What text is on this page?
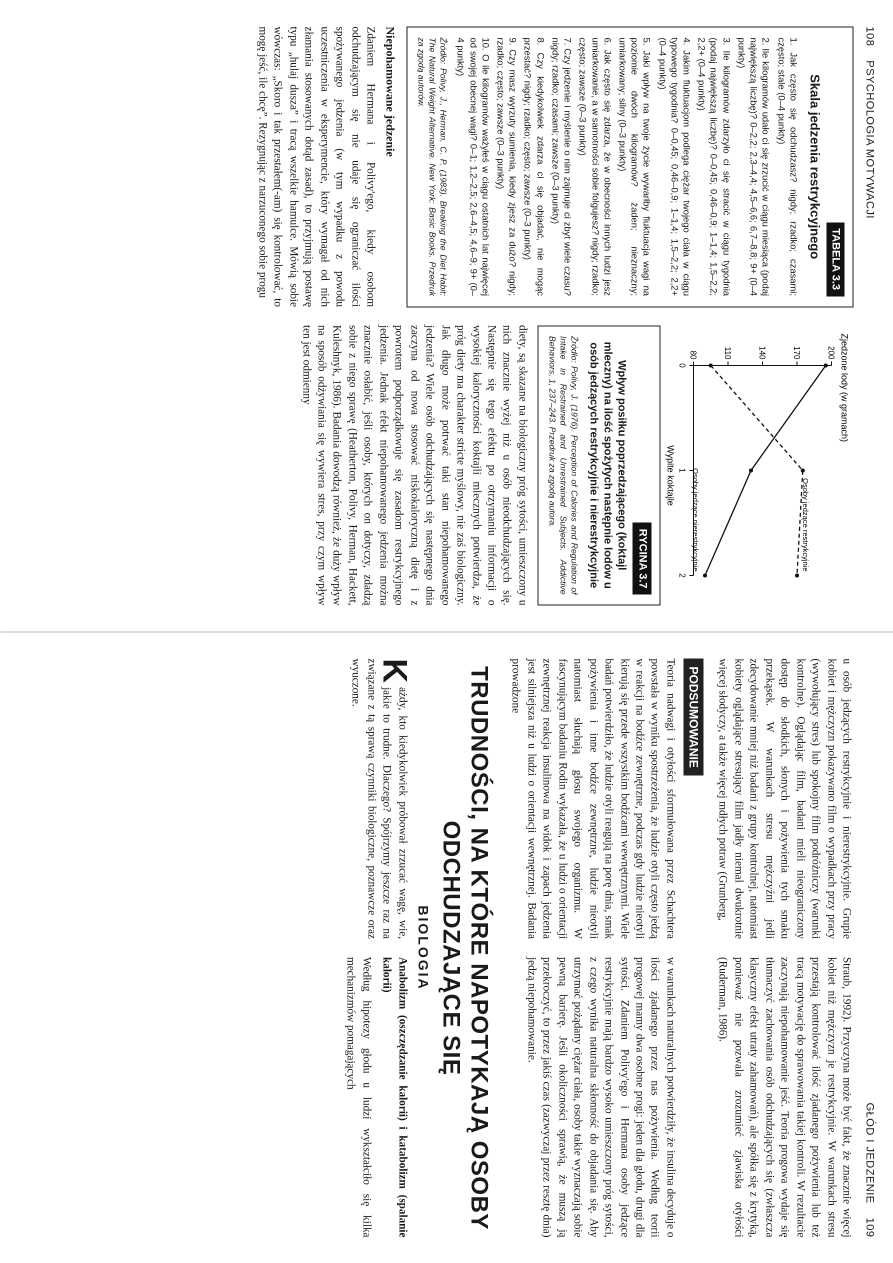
108
PSYCHOLOGIA MOTYWACJI
TABELA 3.3
Skala jedzenia restrykcyjnego
1. Jak często się odchudzasz? nigdy; rzadko; czasami; często; stale (0–4 punkty)
2. Ile kilogramów udało ci się zrzucić w ciągu miesiąca (podaj największą liczbę)? 0–2,2; 2,3–4,4; 4,5–6,6; 6,7–8,8; 9+ (0–4 punkty)
3. Ile kilogramów zdarzyło ci się stracić w ciągu tygodnia (podaj największą liczbę)? 0–0,45; 0,46–0,9; 1–1,4; 1,5–2,2; 2,2+ (0–4 punkty)
4. Jakim fluktuacjom podlega ciężar twojego ciała w ciągu typowego tygodnia? 0–0,45; 0,46–0,9; 1–1,4; 1,5–2,2; 2,2+ (0–4 punkty)
5. Jaki wpływ na twoje życie wywarłby fluktuacja wagi na poziomie dwóch kilogramów? żaden; nieznaczny; umiarkowany; silny (0–3 punkty)
6. Jak często się zdarza, że w obecności innych ludzi jesz umiarkowanie, a w samotności sobie folgujesz? nigdy; rzadko; często; zawsze (0–3 punkty)
7. Czy jedzenie i myślenie o nim zajmuje ci zbyt wiele czasu? nigdy; rzadko; czasami; zawsze (0–3 punkty)
8. Czy kiedykolwiek zdarza ci się objadać, nie mogąc przestać? nigdy; rzadko; często; zawsze (0–3 punkty)
9. Czy masz wyrzuty sumienia, kiedy zjesz za dużo? nigdy; rzadko; często; zawsze (0–3 punkty)
10. O ile kilogramów ważyłeś w ciągu ostatnich lat najwięcej od swojej obecnej wagi? 0–1; 1,2–2,5; 2,6–4,5; 4,6–9; 9+ (0–4 punkty)
Źródło: Polivy, J., Herman, C. P. (1983). Breaking the Diet Habit: The Natural Weight Alternative. New York: Basic Books. Przedruk za zgodą autorów.
Niepohamowane jedzenie

Zdaniem Hermana i Polivy'ego, kiedy osobom odchudzającym się nie udaje się ograniczać ilości spożywanego jedzenia (w tym wypadku z powodu uczestniczenia w eksperymencie, który wymagał od nich złamania stosowanych dotąd zasad), to przyjmują postawę typu „hulaj dusza” i tracą wszelkie hamulce. Mówią sobie wówczas: „Skoro i tak przestałem(-am) się kontrolować, to mogę jeść, ile chcę”. Rezygnując z narzuconego sobie progu

Zjedzone lody (w gramach)
Wypite koktajle
80	110	140	170	200
0
1
2
Osoby jedzące nierestrykcyjnie	Osoby jedzące restrykcyjnie
RYCINA 3.7
Wpływ posiłku poprzedzającego (koktajl mleczny) na ilość spożytych następnie lodów u osób jedzących restrykcyjnie i nierestrykcyjnie
Źródło: Polivy, J. (1976). Perception of Calories and Regulation of Intake in Restrained and Unrestrained Subjects. Addictive Behaviors, 1, 237–243. Przedruk za zgodą autora.

diety, są skazane na biologiczny próg sytości, umieszczony u nich znacznie wyżej niż u osób nieodchudzających się. Następnie się tego efektu po otrzymaniu informacji o wysokiej kaloryczności koktajli mlecznych potwierdza, że próg diety ma charakter stricte myślowy, nie zaś biologiczny. Jak długo może potrwać taki stan niepohamowanego jedzenia? Wiele osób odchudzających się następnego dnia zaczyna od nowa stosować niskokaloryczną dietę i z powrotem podporządkowuje się zasadom restrykcyjnego jedzenia. Jednak efekt niepohamowanego jedzenia można znacznie osłabić, jeśli osoby, których on dotyczy, zdadzą sobie z niego sprawę (Heatherton, Polivy, Herman, Hackett, Kuleshnyk, 1986). Badania dowodzą również, że duży wpływ na sposób odżywiania się wywiera stres, przy czym wpływ ten jest odmienny

GŁÓD I JEDZENIE
109

u osób jedzących restrykcyjnie i nierestrykcyjnie. Grupie kobiet i mężczyzn pokazywano film o wypadkach przy pracy (wywołujący stres) lub spokojny film podróżniczy (warunki kontrolne). Oglądając film, badani mieli nieograniczony dostęp do słodkich, słonych i pożywienia tych smaku przekąsek. W warunkach stresu mężczyźni jedli zdecydowanie mniej niż badani z grupy kontrolnej, natomiast kobiety oglądające stresujący film jadły niemal dwukrotnie więcej słodyczy, a także więcej mdłych potraw (Grunberg,

Straub, 1992). Przyczyna może być fakt, że znacznie więcej kobiet niż mężczyzn je restrykcyjnie. W warunkach stresu przestają kontrolować ilość zjadanego pożywienia lub też tracą motywację do sprawowania takiej kontroli. W rezultacie zaczynają niepohamowanie jeść. Teoria progowa wydaje się tłumaczyć zachowania osób odchudzających się (zwłaszcza klasyczny efekt utraty zahamowań), ale spółka się z krytyką, ponieważ nie pozwala zrozumieć zjawiska otyłości (Ruderman, 1986).

PODSUMOWANIE

Teoria nadwagi i otyłości sformułowana przez Schachtera powstała w wyniku spostrzeżenia, że ludzie otyli często jedzą w reakcji na bodźce zewnętrzne, podczas gdy ludzie nieotyli kierują się przede wszystkim bodźcami wewnętrznymi. Wiele badań potwierdziło, że ludzie otyli reagują na porę dnia, smak pożywienia i inne bodźce zewnętrzne, ludzie nieotyli natomiast słuchają głosu swojego organizmu. W fascynującym badaniu Rodin wykazała, że u ludzi o orientacji zewnętrznej reakcja insulinowa na widok i zapach jedzenia jest silniejsza niż u ludzi o orientacji wewnętrznej. Badania prowadzone

w warunkach naturalnych potwierdziły, że insulina decyduje o ilości zjadanego przez nas pożywienia. Według teorii progowej mamy dwa osobne progi: jeden dla głodu, drugi dla sytości. Zdaniem Polivy'ego i Hermana osoby jedzące restrykcyjnie mają bardzo wysoko umieszczony próg sytości, z czego wynika naturalna skłonność do objadania się. Aby utrzymać pożądany ciężar ciała, osoby takie wyznaczają sobie pewną barierę. Jeśli okoliczności sprawią, że muszą ją przekroczyć, to przez jakiś czas (zazwyczaj przez resztę dnia) jedzą niepohamowanie.

TRUDNOŚCI, NA KTÓRE NAPOTYKAJĄ OSOBY ODCHUDZAJĄCE SIĘ
BIOLOGIA

K
ażdy, kto kiedykolwiek próbował zrzucać wagę, wie, jakie to trudne. Dlaczego? Spójrzymy jeszcze raz na związane z tą sprawą czynniki biologiczne, poznawcze oraz wyuczone.

Anabolizm (oszczędzanie kalorii) i katabolizm (spalanie kalorii)

Według hipotezy głodu u ludzi wykształciło się kilka mechanizmów pomagających
